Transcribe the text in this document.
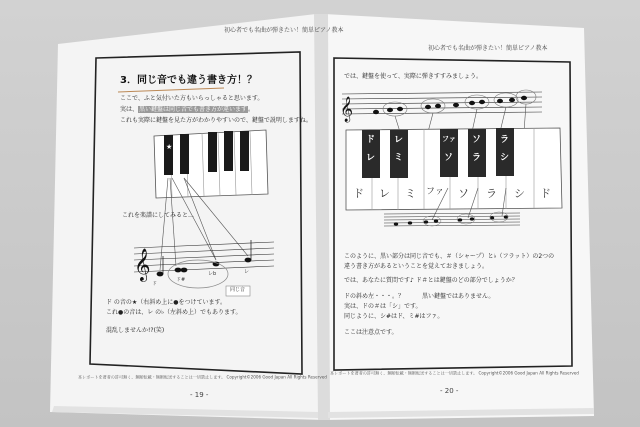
★
𝄞
𝄞
初心者でも名曲が弾きたい！簡単ピアノ教本
3．同じ音でも違う書き方！？
ここで、ふと気付いた方もいらっしゃると思います。
実は、黒い鍵盤は同じ音でも書き方が違います。
これも実際に鍵盤を見た方がわかりやすいので、鍵盤で説明しますね。
これを楽譜にしてみると…
ド
ド#
レb	レ
同じ音
ド の音の★（右斜め上に●をつけています。
これ●の音は、レ の♭（左斜め上）でもあります。
混乱しませんか!?(笑)
本レポートを著者の許可無く、無断転載・無断転送することは一切禁止します。 Copyright©2006 Good Japan All Rights Reserved
- 19 -
初心者でも名曲が弾きたい！簡単ピアノ教本
では、鍵盤を使って、実際に弾きすすみましょう。
ド
レ
レ
ミ
ファ
ソ
ソ
ラ
ラ
シ
ド レ ミ ファ ソ ラ シ ド
このように、黒い部分は同じ音でも、＃（シャープ）と♭（フラット）の2つの
違う書き方があるということを覚えておきましょう。
では、あなたに質問です♪ ド＃とは鍵盤のどの部分でしょうか？
ドの斜め左・・・。？　　　黒い鍵盤ではありません。
実は、ドの＃は「シ」です。
同じように、シ#はド、ミ#はファ。
ここは注意点です。
本レポートを著者の許可無く、無断転載・無断転送することは一切禁止します。 Copyright©2006 Good Japan All Rights Reserved
- 20 -
